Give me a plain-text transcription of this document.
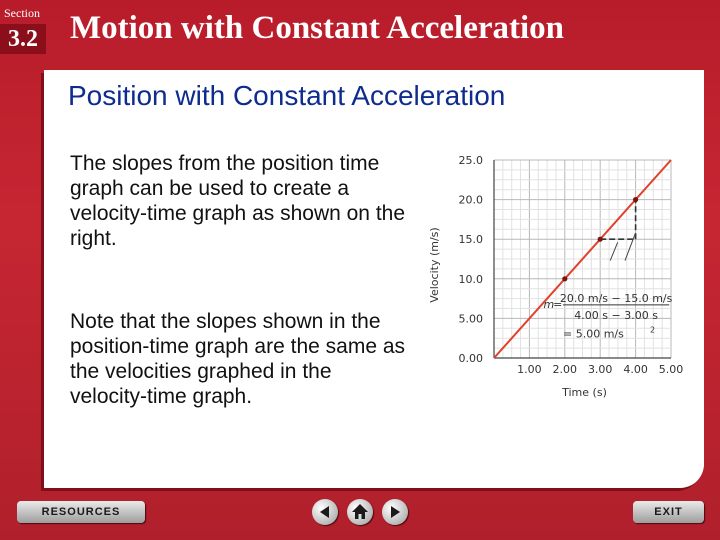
Section
3.2 Motion with Constant Acceleration
Position with Constant Acceleration
The slopes from the position time graph can be used to create a velocity-time graph as shown on the right.
Note that the slopes shown in the position-time graph are the same as the velocities graphed in the velocity-time graph.
0.00
5.00
10.0
15.0
20.0
25.0
1.00 2.00 3.00 4.00 5.00
Time (s)
Velocity (m/s)
m
=
20.0 m/s − 15.0 m/s
4.00 s − 3.00 s
= 5.00 m/s	2
RESOURCES	EXIT
